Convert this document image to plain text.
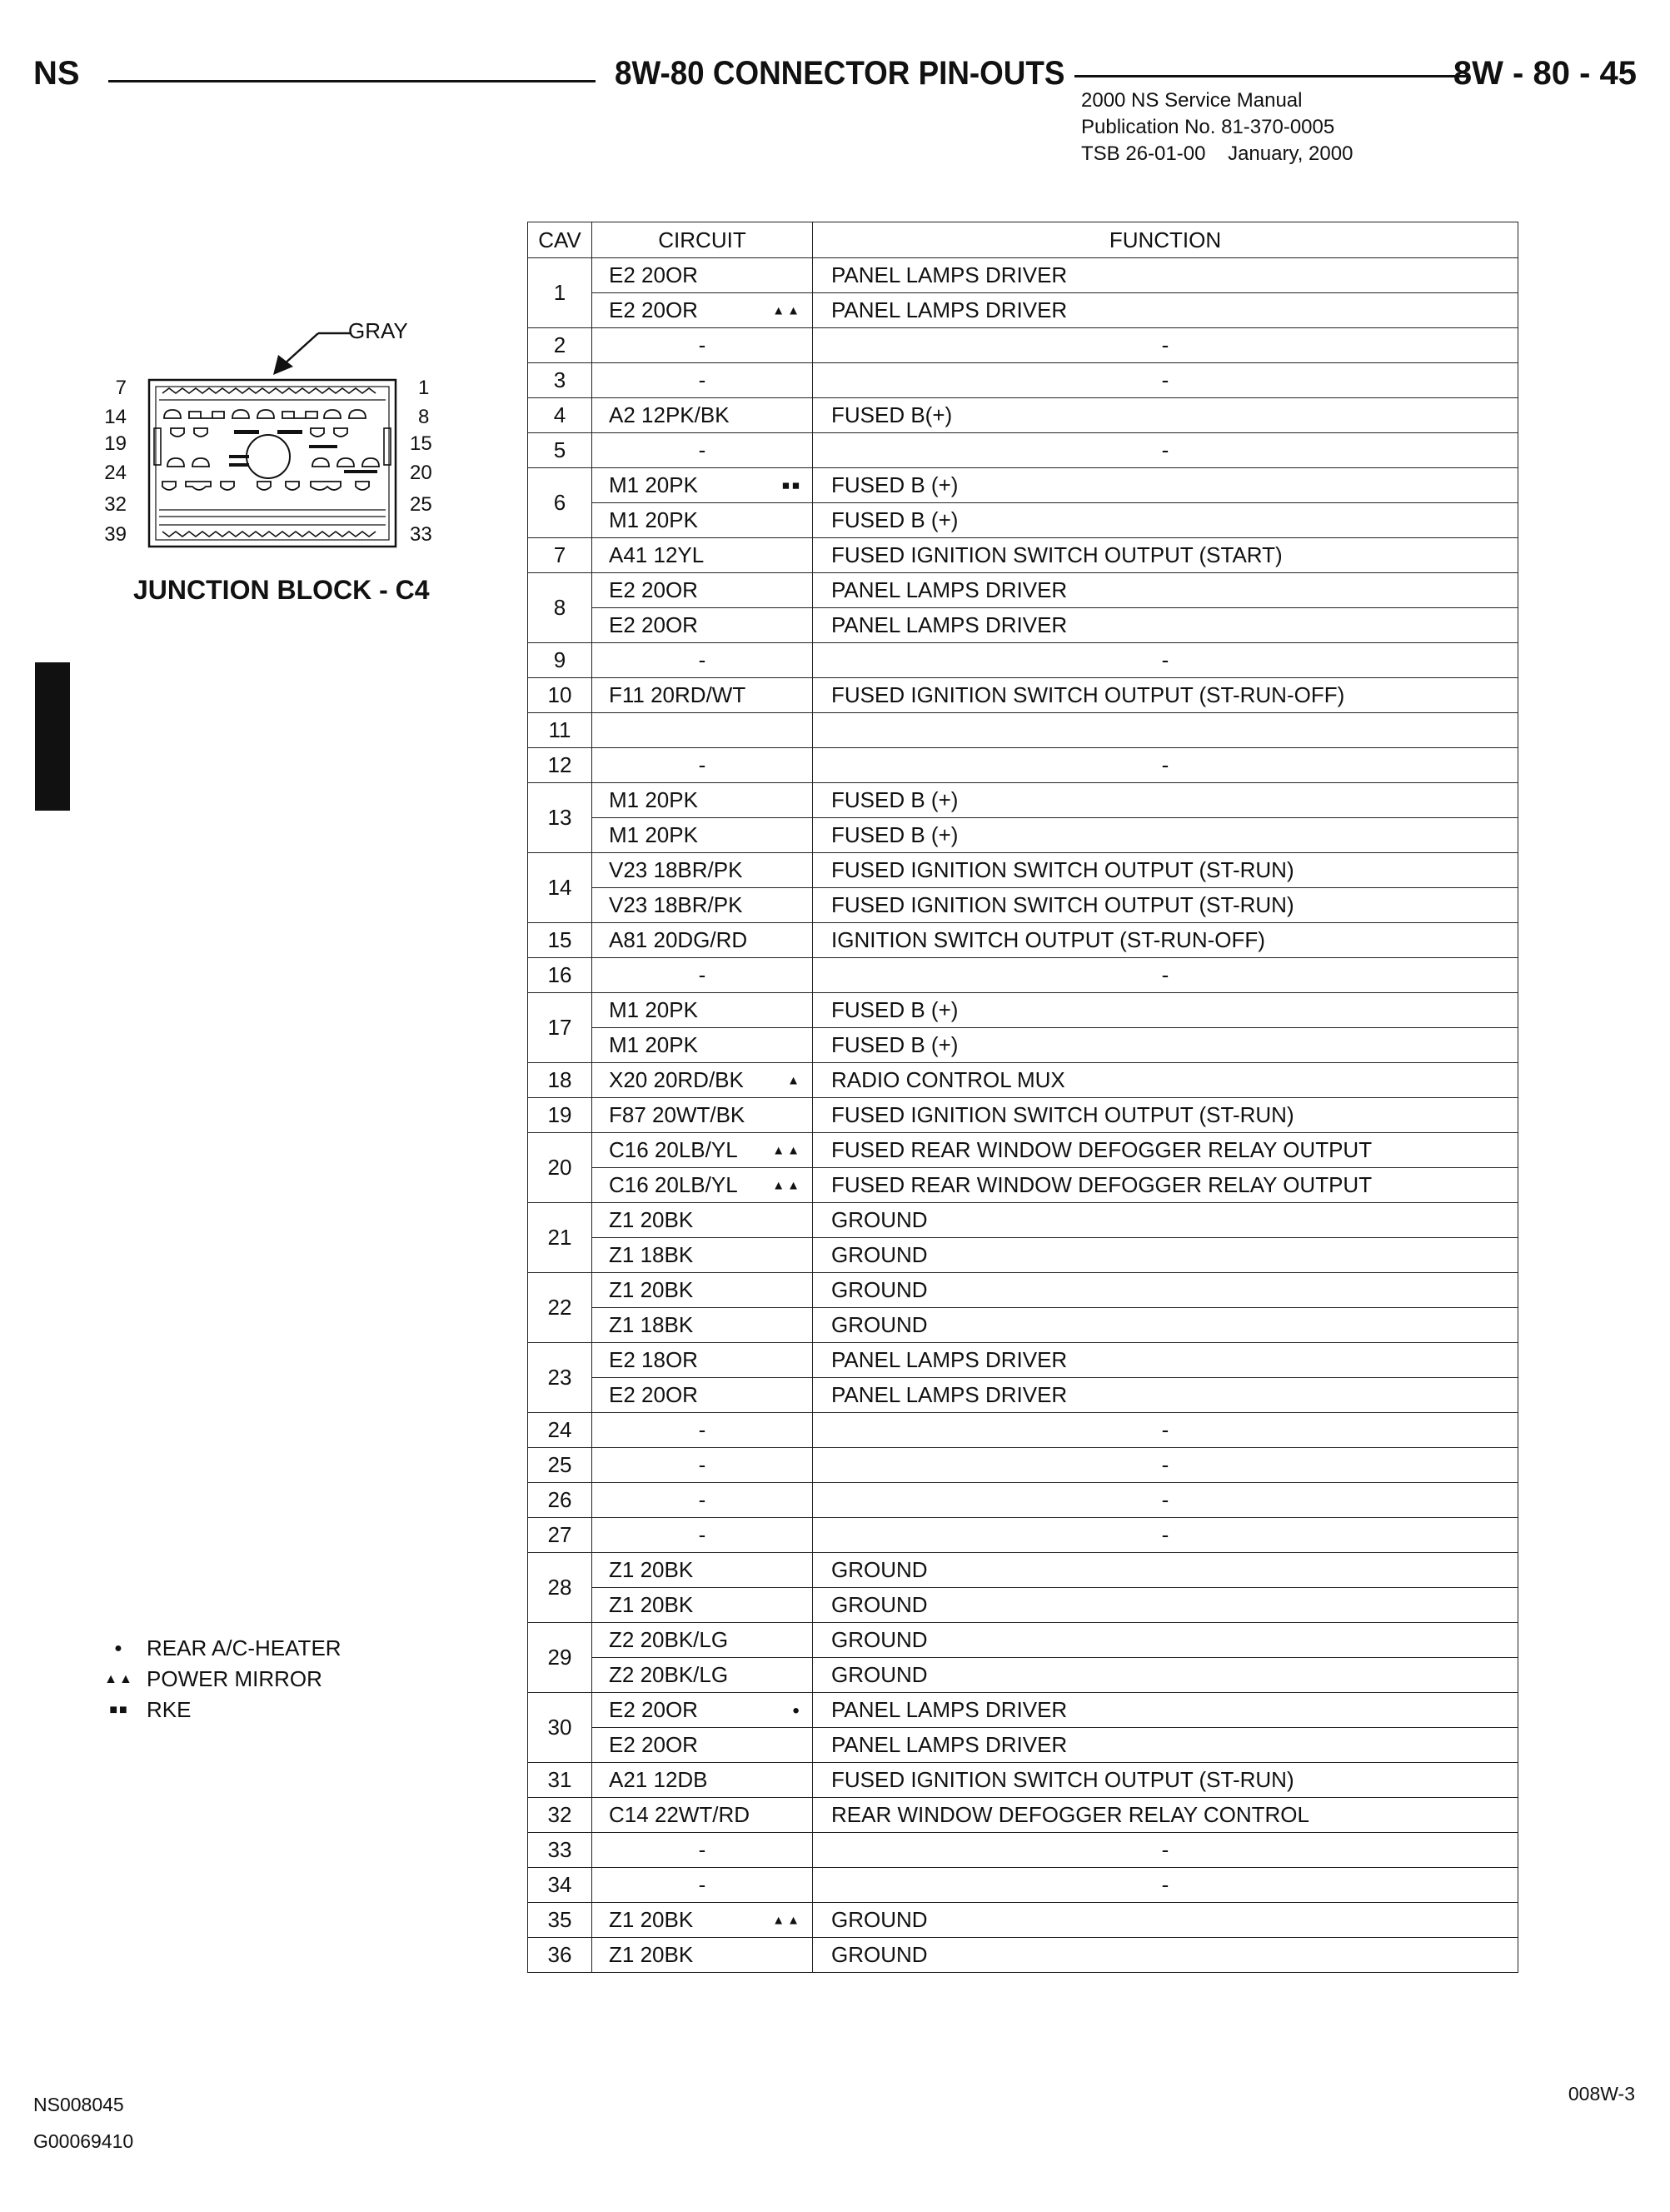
NS	8W-80 CONNECTOR PIN-OUTS	8W - 80 - 45
2000 NS Service Manual
Publication No. 81-370-0005
TSB 26-01-00    January, 2000
GRAY
7
14
19
24
32
39
1
8
15
20
25
33
JUNCTION BLOCK - C4
●	REAR A/C-HEATER
▲▲ POWER MIRROR
■■ RKE
CAV	CIRCUIT	FUNCTION
1	E2 20OR	PANEL LAMPS DRIVER
	E2 20OR ▲▲	PANEL LAMPS DRIVER
2	-	-
3	-	-
4	A2 12PK/BK	FUSED B(+)
5	-	-
6	M1 20PK ■■	FUSED B (+)
	M1 20PK	FUSED B (+)
7	A41 12YL	FUSED IGNITION SWITCH OUTPUT (START)
8	E2 20OR	PANEL LAMPS DRIVER
	E2 20OR	PANEL LAMPS DRIVER
9	-	-
10	F11 20RD/WT	FUSED IGNITION SWITCH OUTPUT (ST-RUN-OFF)
11		
12	-	-
13	M1 20PK	FUSED B (+)
	M1 20PK	FUSED B (+)
14	V23 18BR/PK	FUSED IGNITION SWITCH OUTPUT (ST-RUN)
	V23 18BR/PK	FUSED IGNITION SWITCH OUTPUT (ST-RUN)
15	A81 20DG/RD	IGNITION SWITCH OUTPUT (ST-RUN-OFF)
16	-	-
17	M1 20PK	FUSED B (+)
	M1 20PK	FUSED B (+)
18	X20 20RD/BK ▲	RADIO CONTROL MUX
19	F87 20WT/BK	FUSED IGNITION SWITCH OUTPUT (ST-RUN)
20	C16 20LB/YL ▲▲	FUSED REAR WINDOW DEFOGGER RELAY OUTPUT
	C16 20LB/YL ▲▲	FUSED REAR WINDOW DEFOGGER RELAY OUTPUT
21	Z1 20BK	GROUND
	Z1 18BK	GROUND
22	Z1 20BK	GROUND
	Z1 18BK	GROUND
23	E2 18OR	PANEL LAMPS DRIVER
	E2 20OR	PANEL LAMPS DRIVER
24	-	-
25	-	-
26	-	-
27	-	-
28	Z1 20BK	GROUND
	Z1 20BK	GROUND
29	Z2 20BK/LG	GROUND
	Z2 20BK/LG	GROUND
30	E2 20OR ●	PANEL LAMPS DRIVER
	E2 20OR	PANEL LAMPS DRIVER
31	A21 12DB	FUSED IGNITION SWITCH OUTPUT (ST-RUN)
32	C14 22WT/RD	REAR WINDOW DEFOGGER RELAY CONTROL
33	-	-
34	-	-
35	Z1 20BK ▲▲	GROUND
36	Z1 20BK	GROUND
NS008045
G00069410
008W-3
